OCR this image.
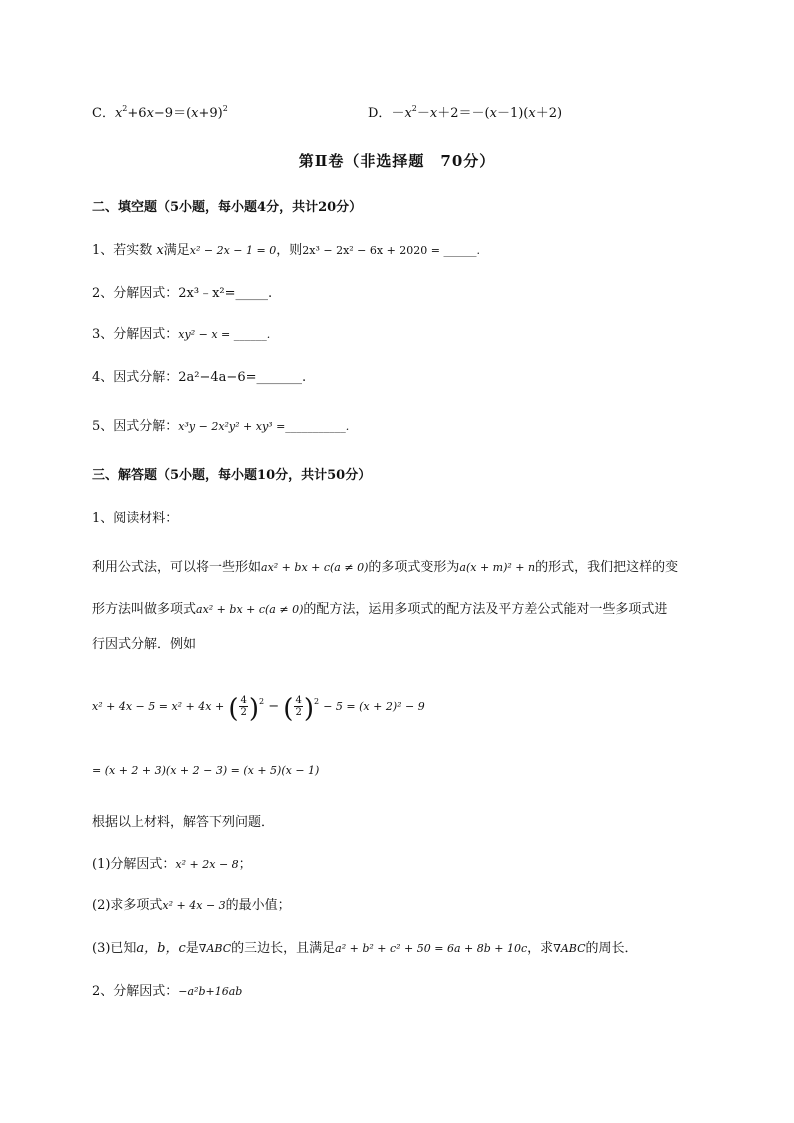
C．$x^2+6x-9=(x+9)^2$	D．$-x^2-x+2=-(x-1)(x+2)$
第Ⅱ卷（非选择题　70分）
二、填空题（5小题，每小题4分，共计20分）
1、若实数 x满足x² − 2x − 1 = 0，则2x³ − 2x² − 6x + 2020 = ______.
2、分解因式：2x³﹣x²=_____.
3、分解因式：xy² − x = ______.
4、因式分解：2a²−4a−6=_______.
5、因式分解：x³y − 2x²y² + xy³ =___________.
三、解答题（5小题，每小题10分，共计50分）
1、阅读材料：
利用公式法，可以将一些形如ax² + bx + c(a ≠ 0)的多项式变形为a(x + m)² + n的形式，我们把这样的变
形方法叫做多项式ax² + bx + c(a ≠ 0)的配方法，运用多项式的配方法及平方差公式能对一些多项式进
行因式分解．例如
x² + 4x − 5 = x² + 4x + ( $\frac{4}{2} )^2$ − ( $\frac{4}{2} )^2 - 5 = (x + 2)^2 - 9$
= (x + 2 + 3)(x + 2 − 3) = (x + 5)(x − 1)
根据以上材料，解答下列问题．
(1)分解因式：x² + 2x − 8；
(2)求多项式x² + 4x − 3的最小值；
(3)已知a，b，c是∇ABC的三边长，且满足a² + b² + c² + 50 = 6a + 8b + 10c，求∇ABC的周长．
2、分解因式：−a²b+16ab
